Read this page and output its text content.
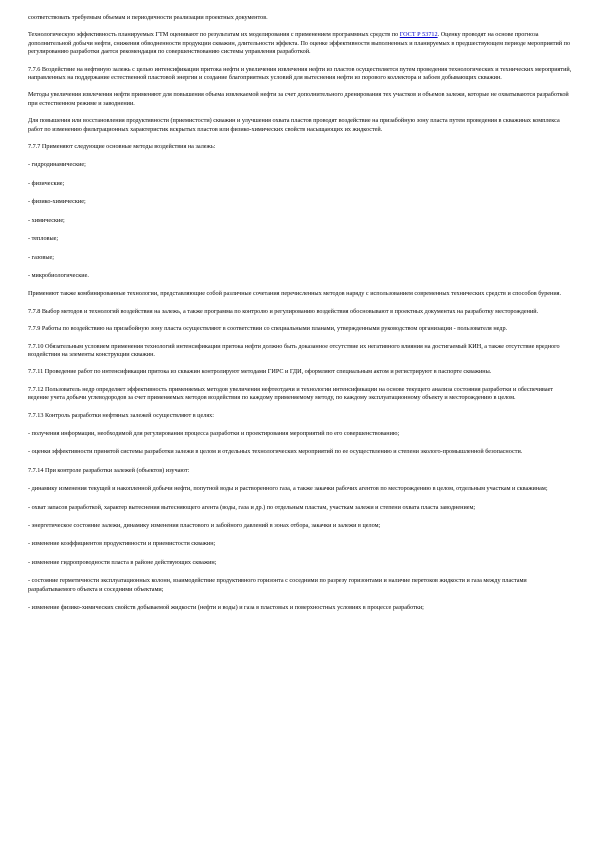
соответствовать требуемым объемам и периодичности реализации проектных документов.

Технологическую эффективность планируемых ГТМ оценивают по результатам их моделирования с применением программных средств по ГОСТ Р 53712. Оценку проводят на основе прогноза дополнительной добычи нефти, снижения обводненности продукции скважин, длительности эффекта. По оценке эффективности выполненных и планируемых в предшествующем периоде мероприятий по регулированию разработки дается рекомендация по совершенствованию системы управления разработкой.

7.7.6 Воздействие на нефтяную залежь с целью интенсификации притока нефти и увеличения извлечения нефти из пластов осуществляется путем проведения технологических и технических мероприятий, направленных на поддержание естественной пластовой энергии и создание благоприятных условий для вытеснения нефти из порового коллектора и забоев добывающих скважин.

Методы увеличения извлечения нефти применяют для повышения объема извлекаемой нефти за счет дополнительного дренирования тех участков и объемов залежи, которые не охватываются разработкой при естественном режиме и заводнении.

Для повышения или восстановления продуктивности (приемистости) скважин и улучшения охвата пластов проводят воздействие на призабойную зону пласта путем проведения в скважинах комплекса работ по изменению фильтрационных характеристик вскрытых пластов или физико-химических свойств насыщающих их жидкостей.

7.7.7 Применяют следующие основные методы воздействия на залежь:

- гидродинамические;

- физические;

- физико-химические;

- химические;

- тепловые;

- газовые;

- микробиологические.

Применяют также комбинированные технологии, представляющие собой различные сочетания перечисленных методов наряду с использованием современных технических средств и способов бурения.

7.7.8 Выбор методов и технологий воздействия на залежь, а также программа по контролю и регулированию воздействия обосновывают в проектных документах на разработку месторождений.

7.7.9 Работы по воздействию на призабойную зону пласта осуществляют в соответствии со специальными планами, утвержденными руководством организации - пользователя недр.

7.7.10 Обязательным условием применения технологий интенсификации притока нефти должно быть доказанное отсутствие их негативного влияния на достигаемый КИН, а также отсутствие вредного воздействия на элементы конструкции скважин.

7.7.11 Проведение работ по интенсификации притока из скважин контролируют методами ГИРС и ГДИ, оформляют специальным актом и регистрируют в паспорте скважины.

7.7.12 Пользователь недр определяет эффективность применяемых методов увеличения нефтеотдачи и технологии интенсификации на основе текущего анализа состояния разработки и обеспечивает ведение учета добычи углеводородов за счет применяемых методов воздействия по каждому применяемому методу, по каждому эксплуатационному объекту и месторождению в целом.

7.7.13 Контроль разработки нефтяных залежей осуществляют в целях:

- получения информации, необходимой для регулирования процесса разработки и проектирования мероприятий по его совершенствованию;

- оценки эффективности принятой системы разработки залежи в целом и отдельных технологических мероприятий по ее осуществлению и степени эколого-промышленной безопасности.

7.7.14 При контроле разработки залежей (объектов) изучают:

- динамику изменения текущей и накопленной добычи нефти, попутной воды и растворенного газа, а также закачки рабочих агентов по месторождению в целом, отдельным участкам и скважинам;

- охват запасов разработкой, характер вытеснения вытесняющего агента (воды, газа и др.) по отдельным пластам, участкам залежи и степени охвата пласта заводнением;

- энергетическое состояние залежи, динамику изменения пластового и забойного давлений в зонах отбора, закачки и залежи в целом;

- изменение коэффициентов продуктивности и приемистости скважин;

- изменение гидропроводности пласта в районе действующих скважин;

- состояние герметичности эксплуатационных колонн, взаимодействие продуктивного горизонта с соседними по разрезу горизонтами и наличие перетоков жидкости и газа между пластами разрабатываемого объекта и соседними объектами;

- изменение физико-химических свойств добываемой жидкости (нефти и воды) и газа в пластовых и поверхностных условиях в процессе разработки;
